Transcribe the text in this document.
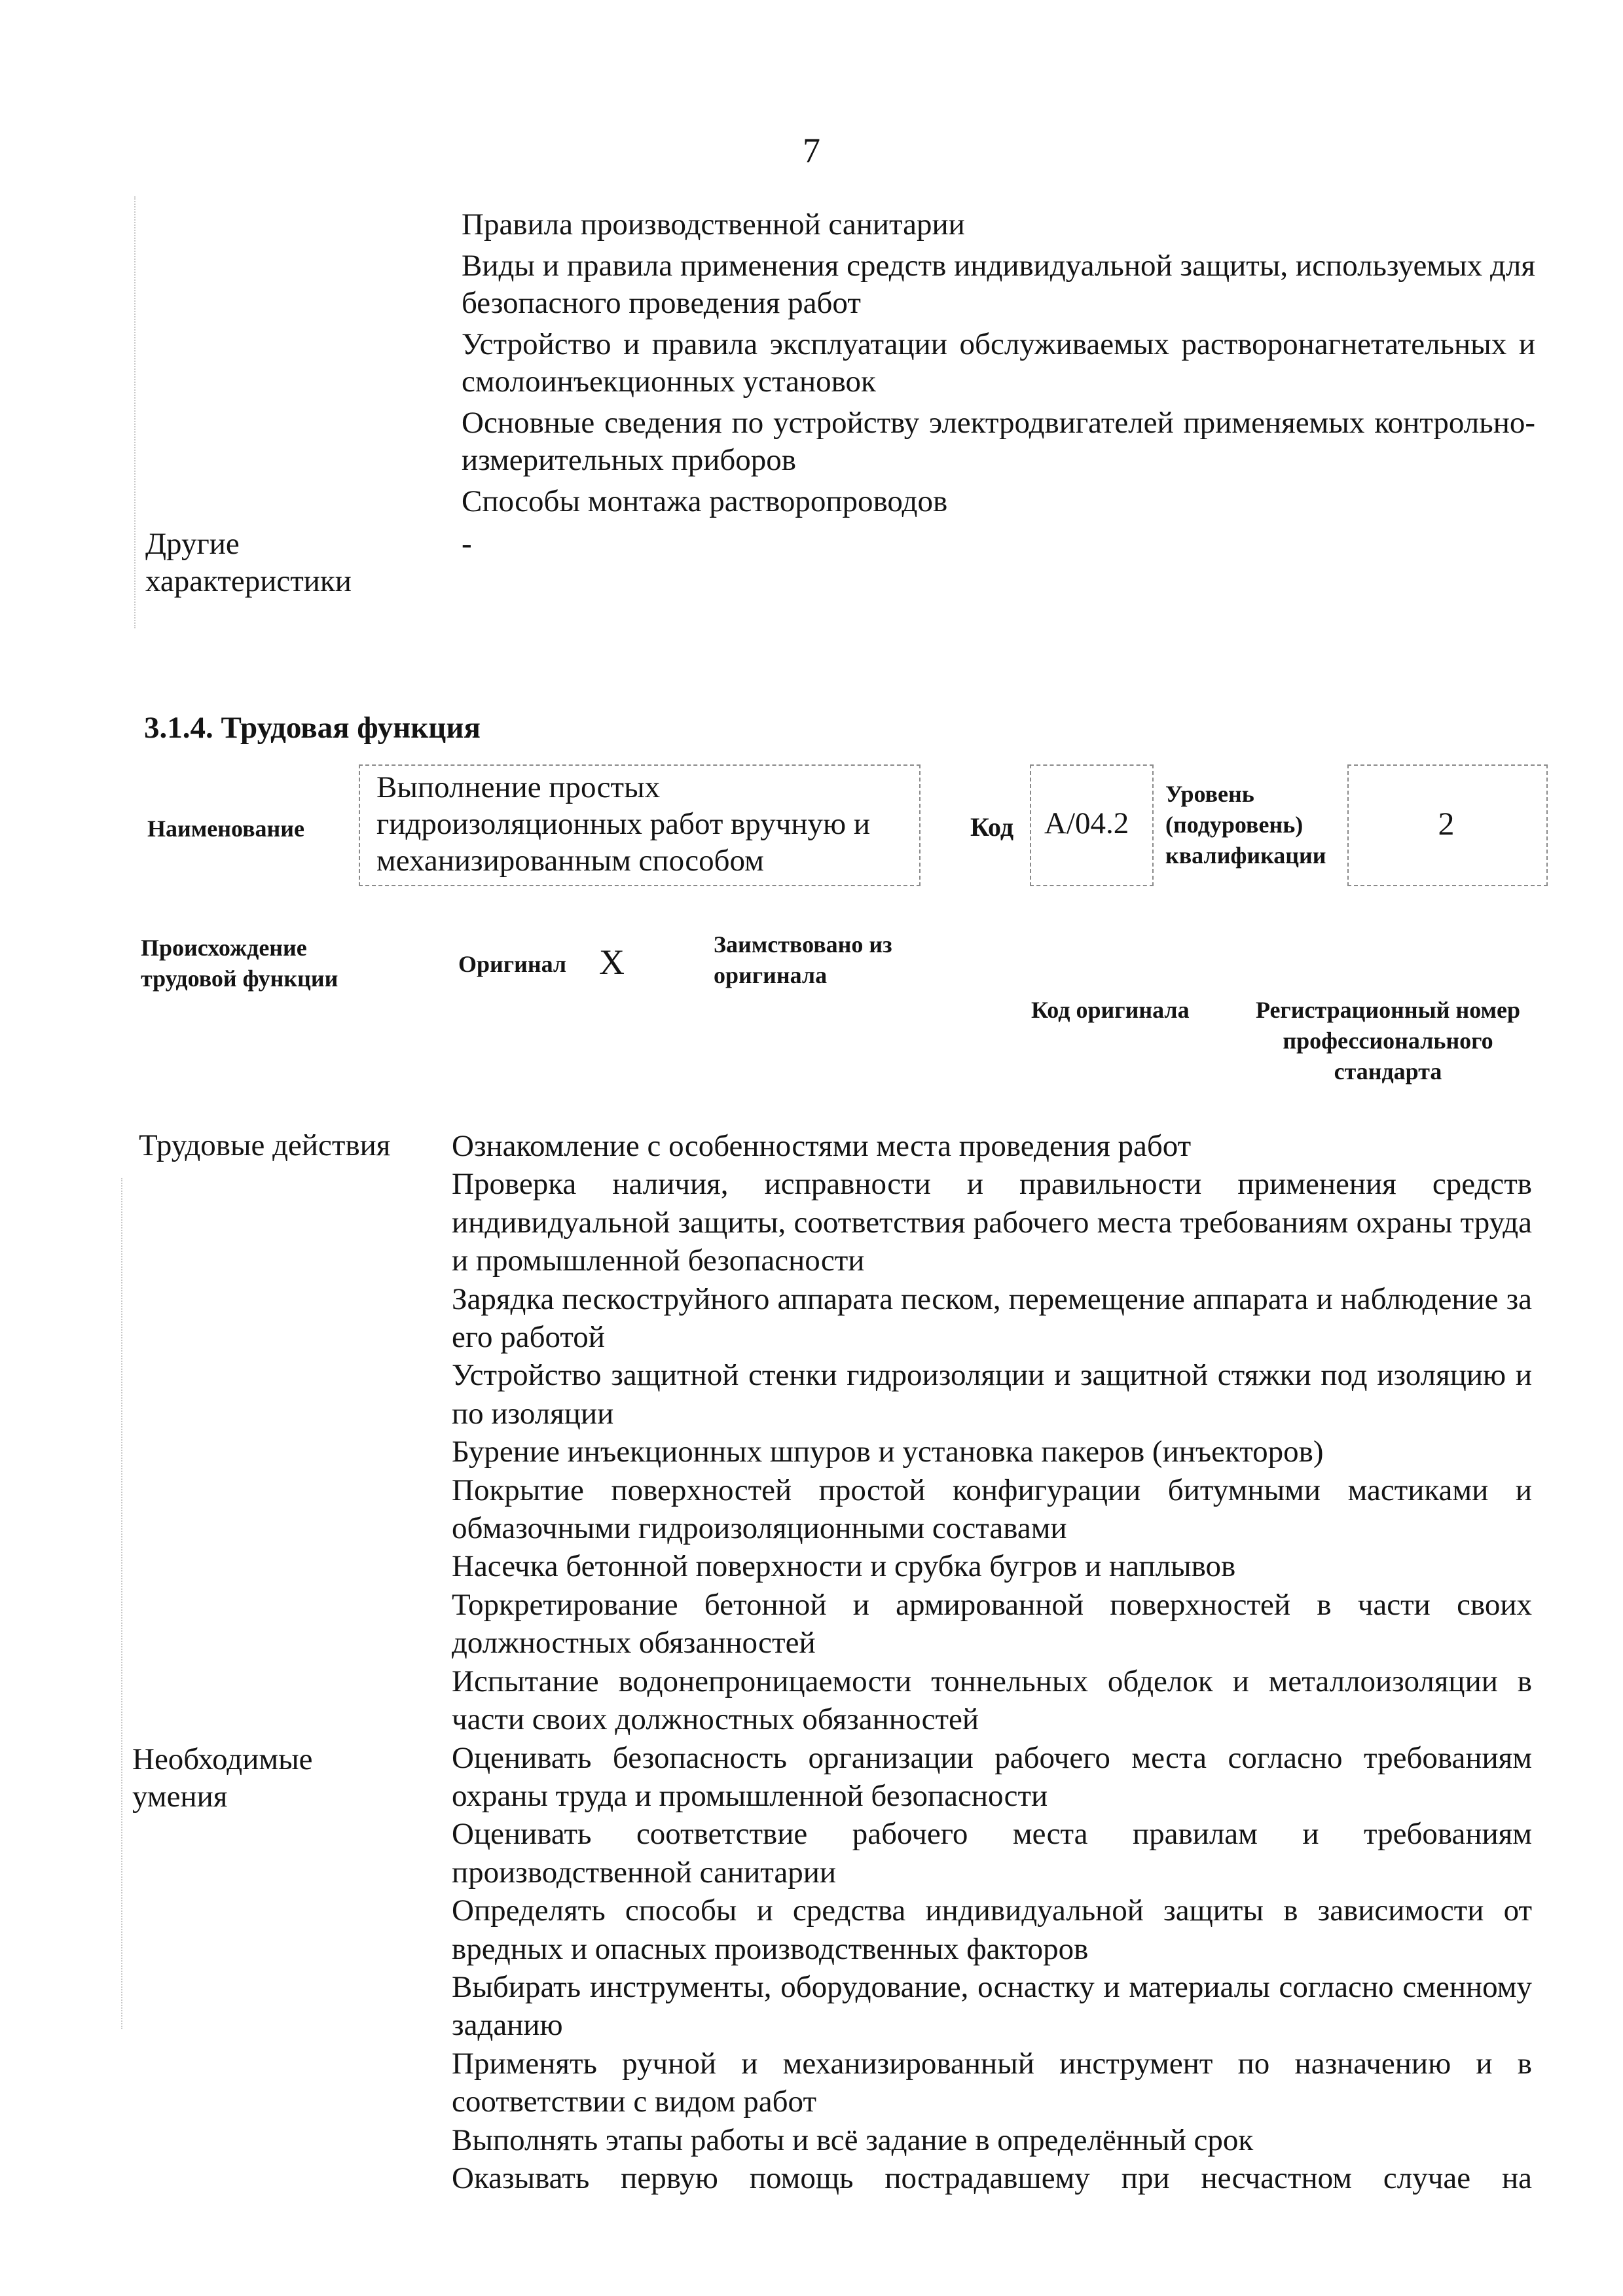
7
Правила производственной санитарии
Виды и правила применения средств индивидуальной защиты, используемых для безопасного проведения работ
Устройство и правила эксплуатации обслуживаемых растворонагнетательных и смолоинъекционных установок
Основные сведения по устройству электродвигателей применяемых контрольно-измерительных приборов
Способы монтажа растворопроводов
Другие
характеристики
-
3.1.4. Трудовая функция
Наименование
Выполнение простых гидроизоляционных работ вручную и механизированным способом
Код A/04.2
Уровень
(подуровень)
квалификации
2
Происхождение
трудовой функции
Оригинал X	Заимствовано из
оригинала
Код оригинала	Регистрационный номер
профессионального
стандарта
Трудовые действия
Необходимые
умения
Ознакомление с особенностями места проведения работ
Проверка наличия, исправности и правильности применения средств индивидуальной защиты, соответствия рабочего места требованиям охраны труда и промышленной безопасности
Зарядка пескоструйного аппарата песком, перемещение аппарата и наблюдение за его работой
Устройство защитной стенки гидроизоляции и защитной стяжки под изоляцию и по изоляции
Бурение инъекционных шпуров и установка пакеров (инъекторов)
Покрытие поверхностей простой конфигурации битумными мастиками и обмазочными гидроизоляционными составами
Насечка бетонной поверхности и срубка бугров и наплывов
Торкретирование бетонной и армированной поверхностей в части своих должностных обязанностей
Испытание водонепроницаемости тоннельных обделок и металлоизоляции в части своих должностных обязанностей
Оценивать безопасность организации рабочего места согласно требованиям охраны труда и промышленной безопасности
Оценивать соответствие рабочего места правилам и требованиям производственной санитарии
Определять способы и средства индивидуальной защиты в зависимости от вредных и опасных производственных факторов
Выбирать инструменты, оборудование, оснастку и материалы согласно сменному заданию
Применять ручной и механизированный инструмент по назначению и в соответствии с видом работ
Выполнять этапы работы и всё задание в определённый срок
Оказывать первую помощь пострадавшему при несчастном случае на
